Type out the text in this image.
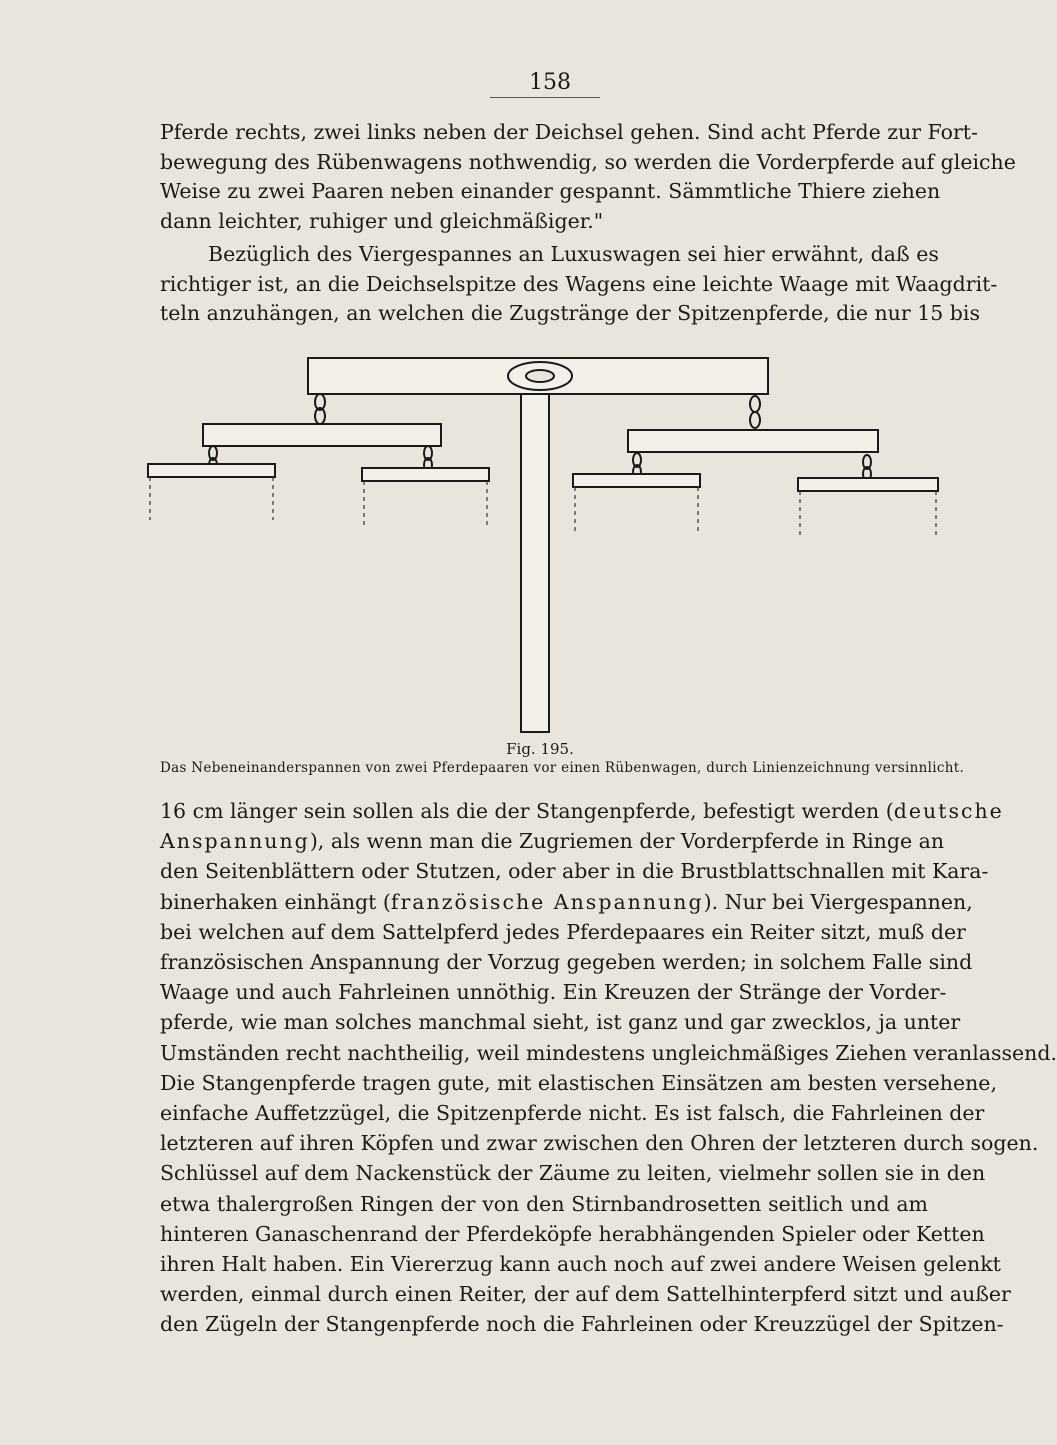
158
Pferde rechts, zwei links neben der Deichsel gehen. Sind acht Pferde zur Fort-
bewegung des Rübenwagens nothwendig, so werden die Vorderpferde auf gleiche
Weise zu zwei Paaren neben einander gespannt. Sämmtliche Thiere ziehen
dann leichter, ruhiger und gleichmäßiger."
Bezüglich des Viergespannes an Luxuswagen sei hier erwähnt, daß es
richtiger ist, an die Deichselspitze des Wagens eine leichte Waage mit Waagdrit-
teln anzuhängen, an welchen die Zugstränge der Spitzenpferde, die nur 15 bis
Fig. 195.
Das Nebeneinanderspannen von zwei Pferdepaaren vor einen Rübenwagen, durch Linienzeichnung versinnlicht.
16 cm länger sein sollen als die der Stangenpferde, befestigt werden (deutsche
Anspannung), als wenn man die Zugriemen der Vorderpferde in Ringe an
den Seitenblättern oder Stutzen, oder aber in die Brustblattschnallen mit Kara-
binerhaken einhängt (französische Anspannung). Nur bei Viergespannen,
bei welchen auf dem Sattelpferd jedes Pferdepaares ein Reiter sitzt, muß der
französischen Anspannung der Vorzug gegeben werden; in solchem Falle sind
Waage und auch Fahrleinen unnöthig. Ein Kreuzen der Stränge der Vorder-
pferde, wie man solches manchmal sieht, ist ganz und gar zwecklos, ja unter
Umständen recht nachtheilig, weil mindestens ungleichmäßiges Ziehen veranlassend.
Die Stangenpferde tragen gute, mit elastischen Einsätzen am besten versehene,
einfache Auffetzzügel, die Spitzenpferde nicht. Es ist falsch, die Fahrleinen der
letzteren auf ihren Köpfen und zwar zwischen den Ohren der letzteren durch sogen.
Schlüssel auf dem Nackenstück der Zäume zu leiten, vielmehr sollen sie in den
etwa thalergroßen Ringen der von den Stirnbandrosetten seitlich und am
hinteren Ganaschenrand der Pferdeköpfe herabhängenden Spieler oder Ketten
ihren Halt haben. Ein Viererzug kann auch noch auf zwei andere Weisen gelenkt
werden, einmal durch einen Reiter, der auf dem Sattelhinterpferd sitzt und außer
den Zügeln der Stangenpferde noch die Fahrleinen oder Kreuzzügel der Spitzen-
